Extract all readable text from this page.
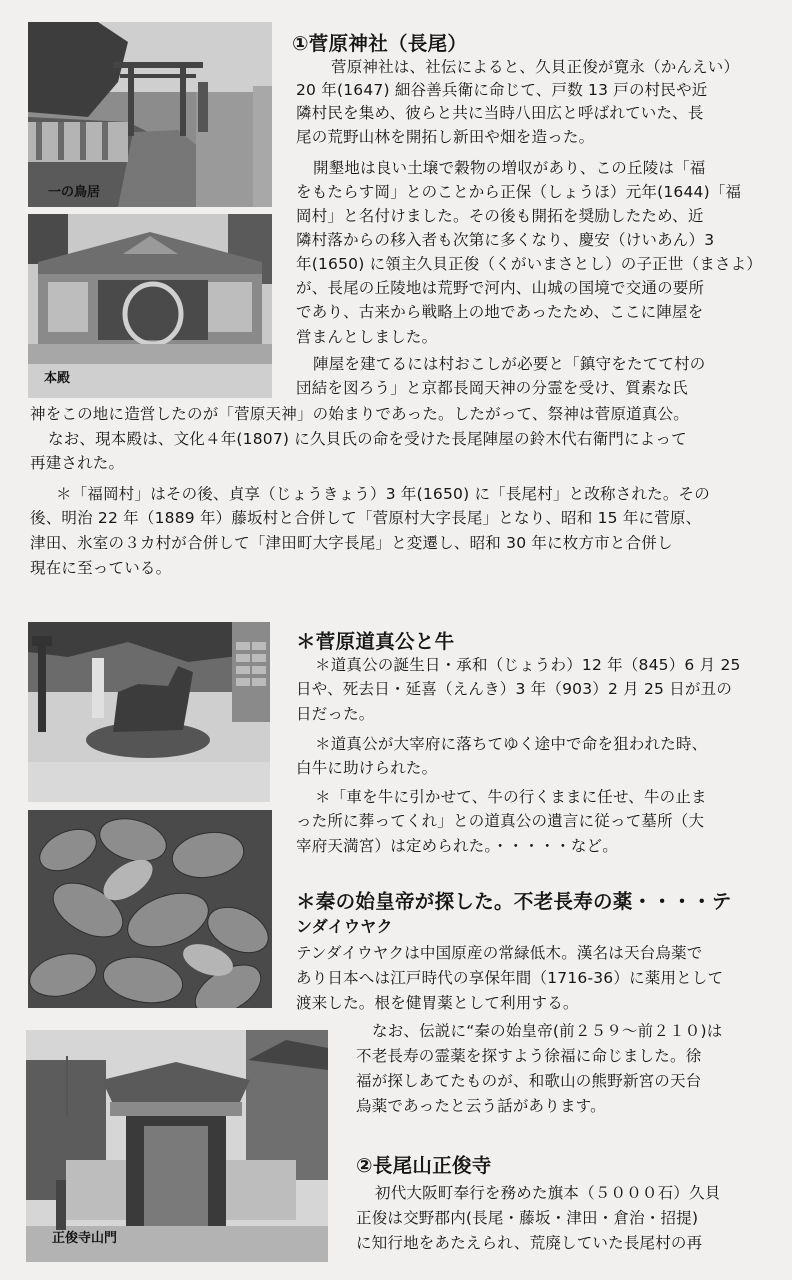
一の鳥居
本殿
正俊寺山門
①菅原神社（長尾）
菅原神社は、社伝によると、久貝正俊が寛永（かんえい）
20 年(1647) 細谷善兵衛に命じて、戸数 13 戸の村民や近
隣村民を集め、彼らと共に当時八田広と呼ばれていた、長
尾の荒野山林を開拓し新田や畑を造った。
開墾地は良い土壌で穀物の増収があり、この丘陵は「福
をもたらす岡」とのことから正保（しょうほ）元年(1644)「福
岡村」と名付けました。その後も開拓を奨励したため、近
隣村落からの移入者も次第に多くなり、慶安（けいあん）3
年(1650) に領主久貝正俊（くがいまさとし）の子正世（まさよ）
が、長尾の丘陵地は荒野で河内、山城の国境で交通の要所
であり、古来から戦略上の地であったため、ここに陣屋を
営まんとしました。
陣屋を建てるには村おこしが必要と「鎮守をたてて村の
団結を図ろう」と京都長岡天神の分霊を受け、質素な氏
神をこの地に造営したのが「菅原天神」の始まりであった。したがって、祭神は菅原道真公。
なお、現本殿は、文化４年(1807) に久貝氏の命を受けた長尾陣屋の鈴木代右衛門によって
再建された。
＊「福岡村」はその後、貞享（じょうきょう）3 年(1650) に「長尾村」と改称された。その
後、明治 22 年（1889 年）藤坂村と合併して「菅原村大字長尾」となり、昭和 15 年に菅原、
津田、氷室の３カ村が合併して「津田町大字長尾」と変遷し、昭和 30 年に枚方市と合併し
現在に至っている。
＊菅原道真公と牛
＊道真公の誕生日・承和（じょうわ）12 年（845）6 月 25
日や、死去日・延喜（えんき）3 年（903）2 月 25 日が丑の
日だった。
＊道真公が大宰府に落ちてゆく途中で命を狙われた時、
白牛に助けられた。
＊「車を牛に引かせて、牛の行くままに任せ、牛の止ま
った所に葬ってくれ」との道真公の遺言に従って墓所（大
宰府天満宮）は定められた。・・・・・など。
＊秦の始皇帝が探した。不老長寿の薬・・・・テ
ンダイウヤク
テンダイウヤクは中国原産の常緑低木。漢名は天台烏薬で
あり日本へは江戸時代の享保年間（1716-36）に薬用として
渡来した。根を健胃薬として利用する。
なお、伝説に“秦の始皇帝(前２５９～前２１０)は
不老長寿の霊薬を探すよう徐福に命じました。徐
福が探しあてたものが、和歌山の熊野新宮の天台
烏薬であったと云う話があります。
②長尾山正俊寺
初代大阪町奉行を務めた旗本（５０００石）久貝
正俊は交野郡内(長尾・藤坂・津田・倉治・招提)
に知行地をあたえられ、荒廃していた長尾村の再
